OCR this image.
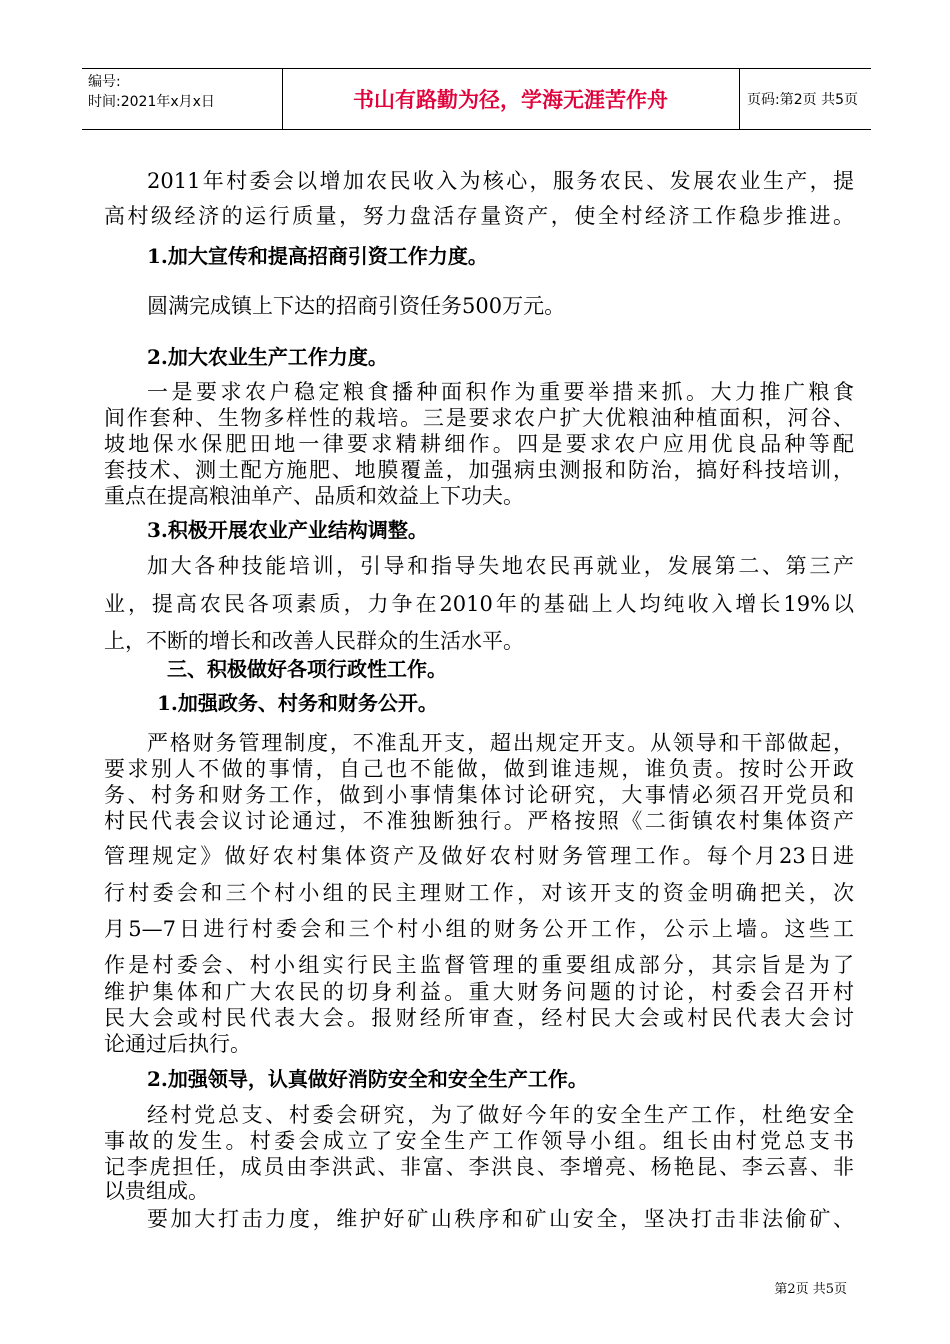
编号:
时间:2021年x月x日	书山有路勤为径，学海无涯苦作舟	页码:第2页 共5页
2011年村委会以增加农民收入为核心，服务农民、发展农业生产，提
高村级经济的运行质量，努力盘活存量资产，使全村经济工作稳步推进。
1.加大宣传和提高招商引资工作力度。
圆满完成镇上下达的招商引资任务500万元。
2.加大农业生产工作力度。
一是要求农户稳定粮食播种面积作为重要举措来抓。大力推广粮食
间作套种、生物多样性的栽培。三是要求农户扩大优粮油种植面积，河谷、
坡地保水保肥田地一律要求精耕细作。四是要求农户应用优良品种等配
套技术、测土配方施肥、地膜覆盖，加强病虫测报和防治，搞好科技培训，
重点在提高粮油单产、品质和效益上下功夫。
3.积极开展农业产业结构调整。
加大各种技能培训，引导和指导失地农民再就业，发展第二、第三产
业，提高农民各项素质，力争在2010年的基础上人均纯收入增长19%以
上，不断的增长和改善人民群众的生活水平。
三、积极做好各项行政性工作。
1.加强政务、村务和财务公开。
严格财务管理制度，不准乱开支，超出规定开支。从领导和干部做起，
要求别人不做的事情，自己也不能做，做到谁违规，谁负责。按时公开政
务、村务和财务工作，做到小事情集体讨论研究，大事情必须召开党员和
村民代表会议讨论通过，不准独断独行。严格按照《二街镇农村集体资产
管理规定》做好农村集体资产及做好农村财务管理工作。每个月23日进
行村委会和三个村小组的民主理财工作，对该开支的资金明确把关，次
月5—7日进行村委会和三个村小组的财务公开工作，公示上墙。这些工
作是村委会、村小组实行民主监督管理的重要组成部分，其宗旨是为了
维护集体和广大农民的切身利益。重大财务问题的讨论，村委会召开村
民大会或村民代表大会。报财经所审查，经村民大会或村民代表大会讨
论通过后执行。
2.加强领导，认真做好消防安全和安全生产工作。
经村党总支、村委会研究，为了做好今年的安全生产工作，杜绝安全
事故的发生。村委会成立了安全生产工作领导小组。组长由村党总支书
记李虎担任，成员由李洪武、非富、李洪良、李增亮、杨艳昆、李云喜、非
以贵组成。
要加大打击力度，维护好矿山秩序和矿山安全，坚决打击非法偷矿、
第2页 共5页
